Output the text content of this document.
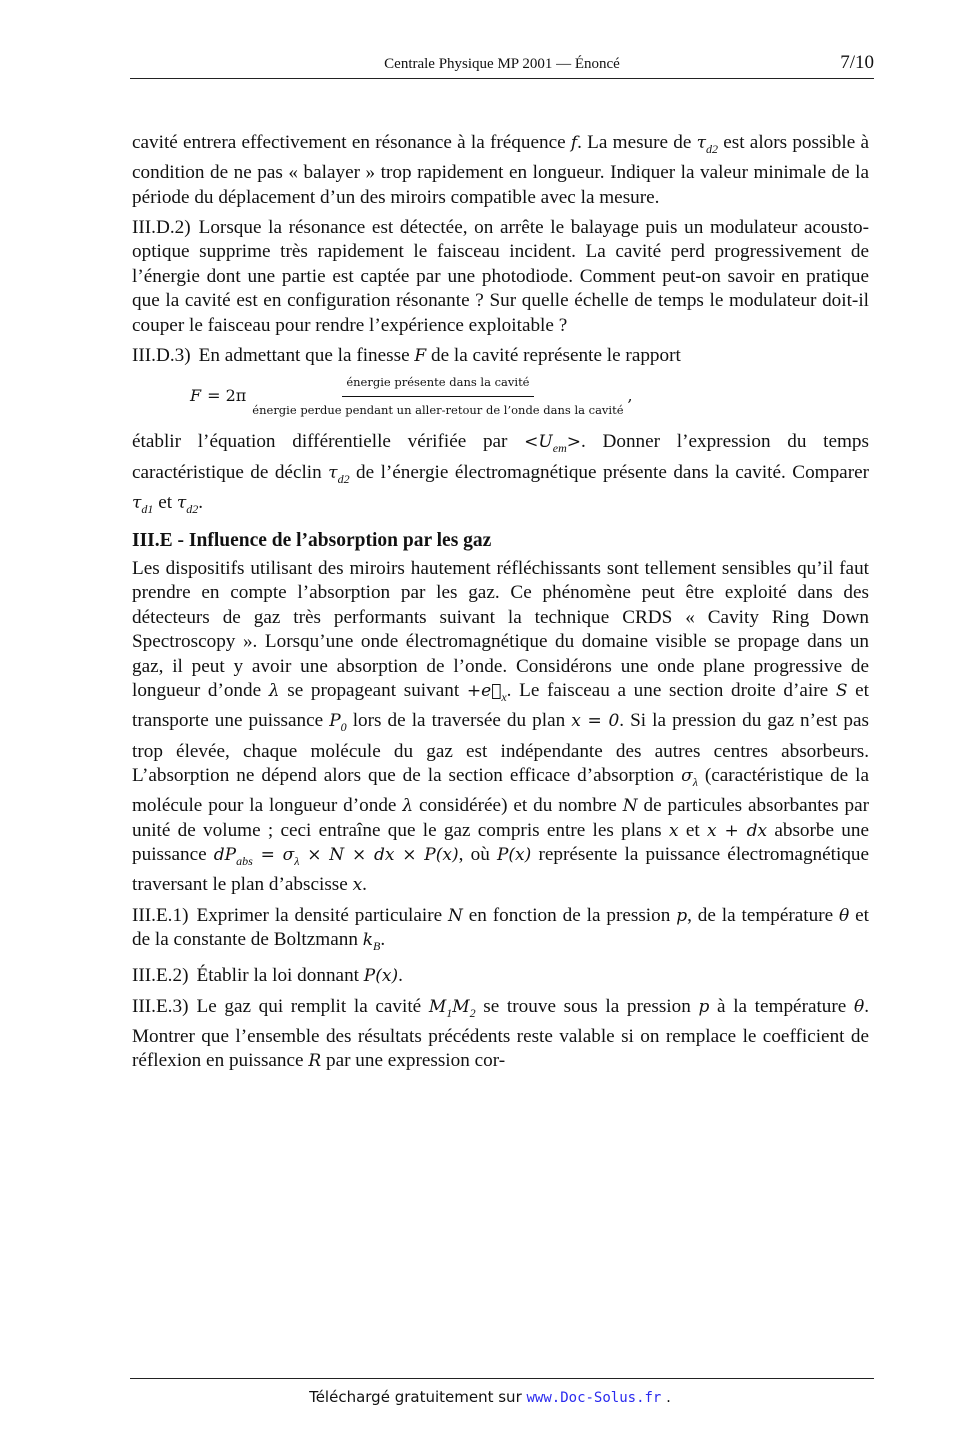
Centrale Physique MP 2001 — Énoncé	7/10

cavité entrera effectivement en résonance à la fréquence f. La mesure de $\tau_{d2}$ est alors possible à condition de ne pas « balayer » trop rapidement en longueur. Indiquer la valeur minimale de la période du déplacement d’un des miroirs compatible avec la mesure.

III.D.2) Lorsque la résonance est détectée, on arrête le balayage puis un modulateur acousto-optique supprime très rapidement le faisceau incident. La cavité perd progressivement de l’énergie dont une partie est captée par une photodiode. Comment peut-on savoir en pratique que la cavité est en configuration résonante ? Sur quelle échelle de temps le modulateur doit-il couper le faisceau pour rendre l’expérience exploitable ?

III.D.3) En admettant que la finesse F de la cavité représente le rapport

F = 2π
énergie présente dans la cavité
énergie perdue pendant un aller-retour de l’onde dans la cavité
,

établir l’équation différentielle vérifiée par $<U_{em}>$. Donner l’expression du temps caractéristique de déclin $\tau_{d2}$ de l’énergie électromagnétique présente dans la cavité. Comparer $\tau_{d1}$ et $\tau_{d2}$.

III.E - Influence de l’absorption par les gaz

Les dispositifs utilisant des miroirs hautement réfléchissants sont tellement sensibles qu’il faut prendre en compte l’absorption par les gaz. Ce phénomène peut être exploité dans des détecteurs de gaz très performants suivant la technique CRDS « Cavity Ring Down Spectroscopy ». Lorsqu’une onde électromagnétique du domaine visible se propage dans un gaz, il peut y avoir une absorption de l’onde. Considérons une onde plane progressive de longueur d’onde λ se propageant suivant $+e⃗_x$. Le faisceau a une section droite d’aire S et transporte une puissance $P_0$ lors de la traversée du plan x = 0. Si la pression du gaz n’est pas trop élevée, chaque molécule du gaz est indépendante des autres centres absorbeurs. L’absorption ne dépend alors que de la section efficace d’absorption $\sigma_\lambda$ (caractéristique de la molécule pour la longueur d’onde λ considérée) et du nombre N de particules absorbantes par unité de volume ; ceci entraîne que le gaz compris entre les plans x et x + dx absorbe une puissance $dP_{abs} = \sigma_\lambda \times N$ × dx × P(x), où P(x) représente la puissance électromagnétique traversant le plan d’abscisse x.

III.E.1) Exprimer la densité particulaire N en fonction de la pression p, de la température θ et de la constante de Boltzmann $k_B$.

III.E.2) Établir la loi donnant P(x).

III.E.3) Le gaz qui remplit la cavité $M_1M_2$ se trouve sous la pression p à la température θ. Montrer que l’ensemble des résultats précédents reste valable si on remplace le coefficient de réflexion en puissance R par une expression cor-

Téléchargé gratuitement sur www.Doc-Solus.fr .
